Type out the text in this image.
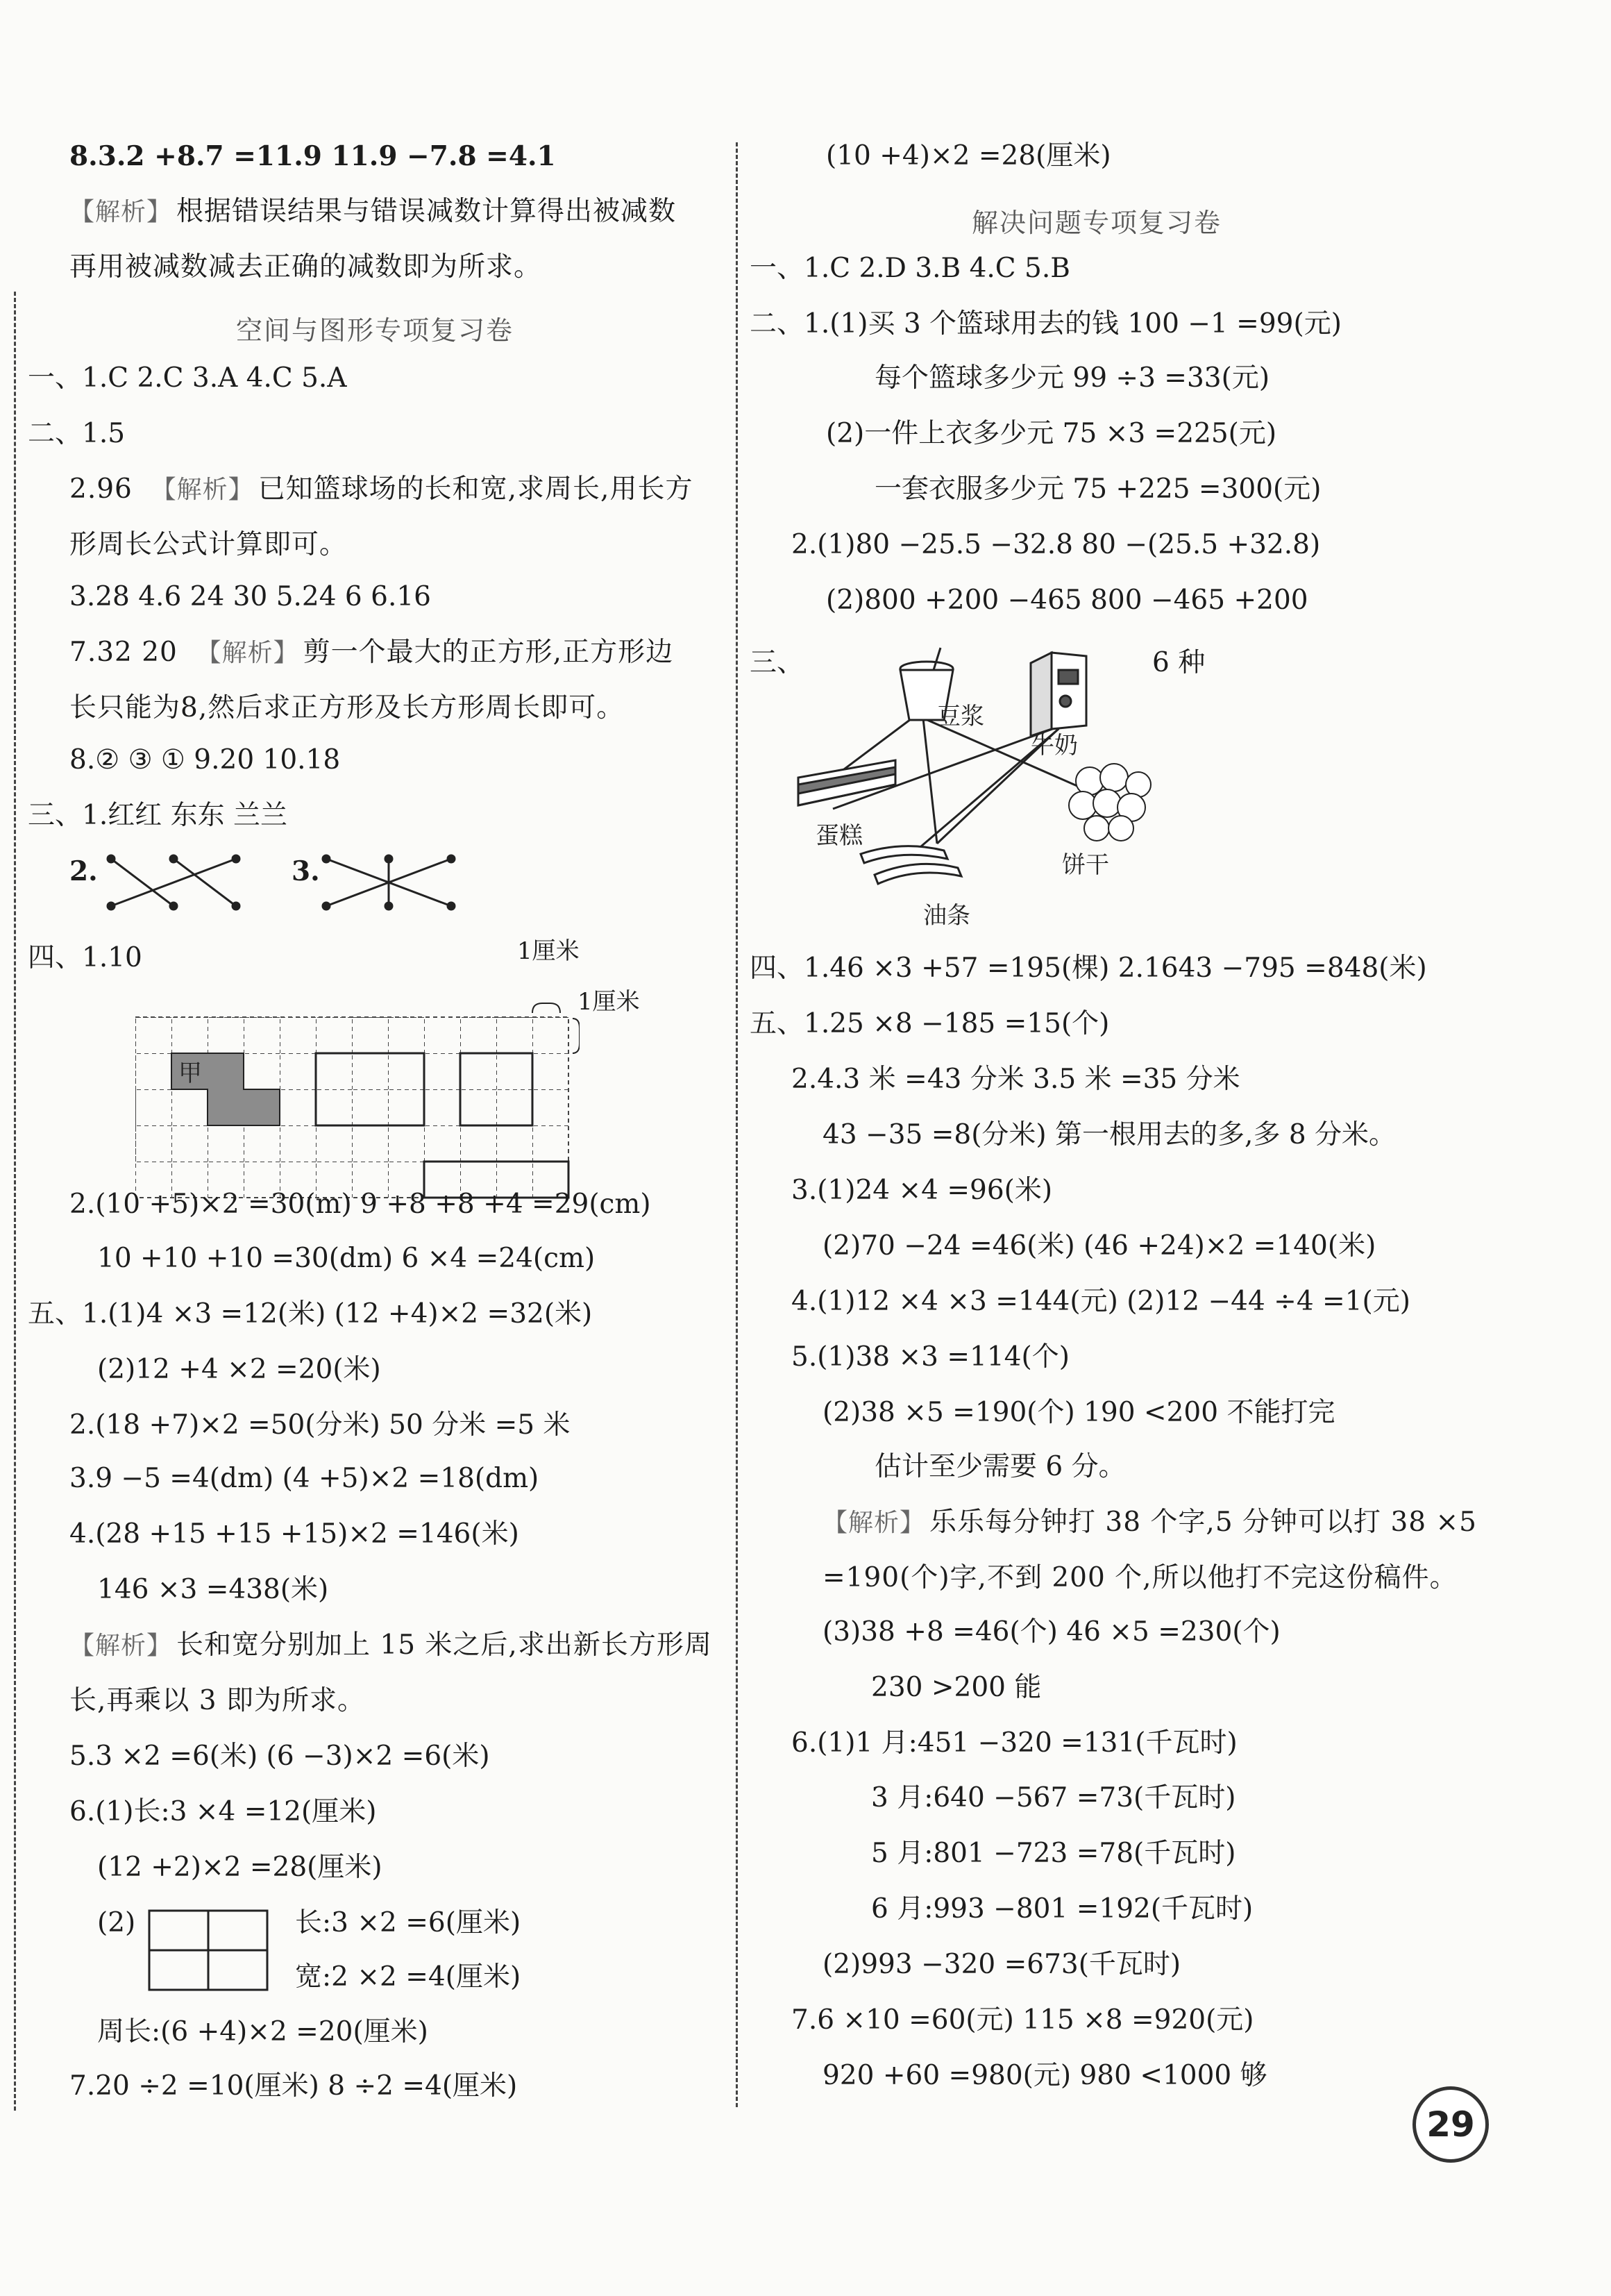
8.3.2 +8.7 =11.9 11.9 −7.8 =4.1
【解析】 根据错误结果与错误减数计算得出被减数
再用被减数减去正确的减数即为所求。
空间与图形专项复习卷
一、1.C 2.C 3.A 4.C 5.A
二、1.5
2.96 【解析】 已知篮球场的长和宽,求周长,用长方
形周长公式计算即可。
3.28 4.6 24 30 5.24 6 6.16
7.32 20 【解析】 剪一个最大的正方形,正方形边
长只能为8,然后求正方形及长方形周长即可。
8.② ③ ① 9.20 10.18
三、1.红红 东东 兰兰
2.	3.
四、1.10
甲
1厘米
1厘米
2.(10 +5)×2 =30(m) 9 +8 +8 +4 =29(cm)
10 +10 +10 =30(dm) 6 ×4 =24(cm)
五、1.(1)4 ×3 =12(米) (12 +4)×2 =32(米)
(2)12 +4 ×2 =20(米)
2.(18 +7)×2 =50(分米) 50 分米 =5 米
3.9 −5 =4(dm) (4 +5)×2 =18(dm)
4.(28 +15 +15 +15)×2 =146(米)
146 ×3 =438(米)
【解析】 长和宽分别加上 15 米之后,求出新长方形周
长,再乘以 3 即为所求。
5.3 ×2 =6(米) (6 −3)×2 =6(米)
6.(1)长:3 ×4 =12(厘米)
(12 +2)×2 =28(厘米)
(2)	长:3 ×2 =6(厘米)
宽:2 ×2 =4(厘米)
周长:(6 +4)×2 =20(厘米)
7.20 ÷2 =10(厘米) 8 ÷2 =4(厘米)
(10 +4)×2 =28(厘米)
解决问题专项复习卷
一、1.C 2.D 3.B 4.C 5.B
二、1.(1)买 3 个篮球用去的钱 100 −1 =99(元)
每个篮球多少元 99 ÷3 =33(元)
(2)一件上衣多少元 75 ×3 =225(元)
一套衣服多少元 75 +225 =300(元)
2.(1)80 −25.5 −32.8 80 −(25.5 +32.8)
(2)800 +200 −465 800 −465 +200
三、	6 种
豆浆
牛奶
蛋糕
饼干
油条
四、1.46 ×3 +57 =195(棵) 2.1643 −795 =848(米)
五、1.25 ×8 −185 =15(个)
2.4.3 米 =43 分米 3.5 米 =35 分米
43 −35 =8(分米) 第一根用去的多,多 8 分米。
3.(1)24 ×4 =96(米)
(2)70 −24 =46(米) (46 +24)×2 =140(米)
4.(1)12 ×4 ×3 =144(元) (2)12 −44 ÷4 =1(元)
5.(1)38 ×3 =114(个)
(2)38 ×5 =190(个) 190 <200 不能打完
估计至少需要 6 分。
【解析】 乐乐每分钟打 38 个字,5 分钟可以打 38 ×5
=190(个)字,不到 200 个,所以他打不完这份稿件。
(3)38 +8 =46(个) 46 ×5 =230(个)
230 >200 能
6.(1)1 月:451 −320 =131(千瓦时)
3 月:640 −567 =73(千瓦时)
5 月:801 −723 =78(千瓦时)
6 月:993 −801 =192(千瓦时)
(2)993 −320 =673(千瓦时)
7.6 ×10 =60(元) 115 ×8 =920(元)
920 +60 =980(元) 980 <1000 够
29
